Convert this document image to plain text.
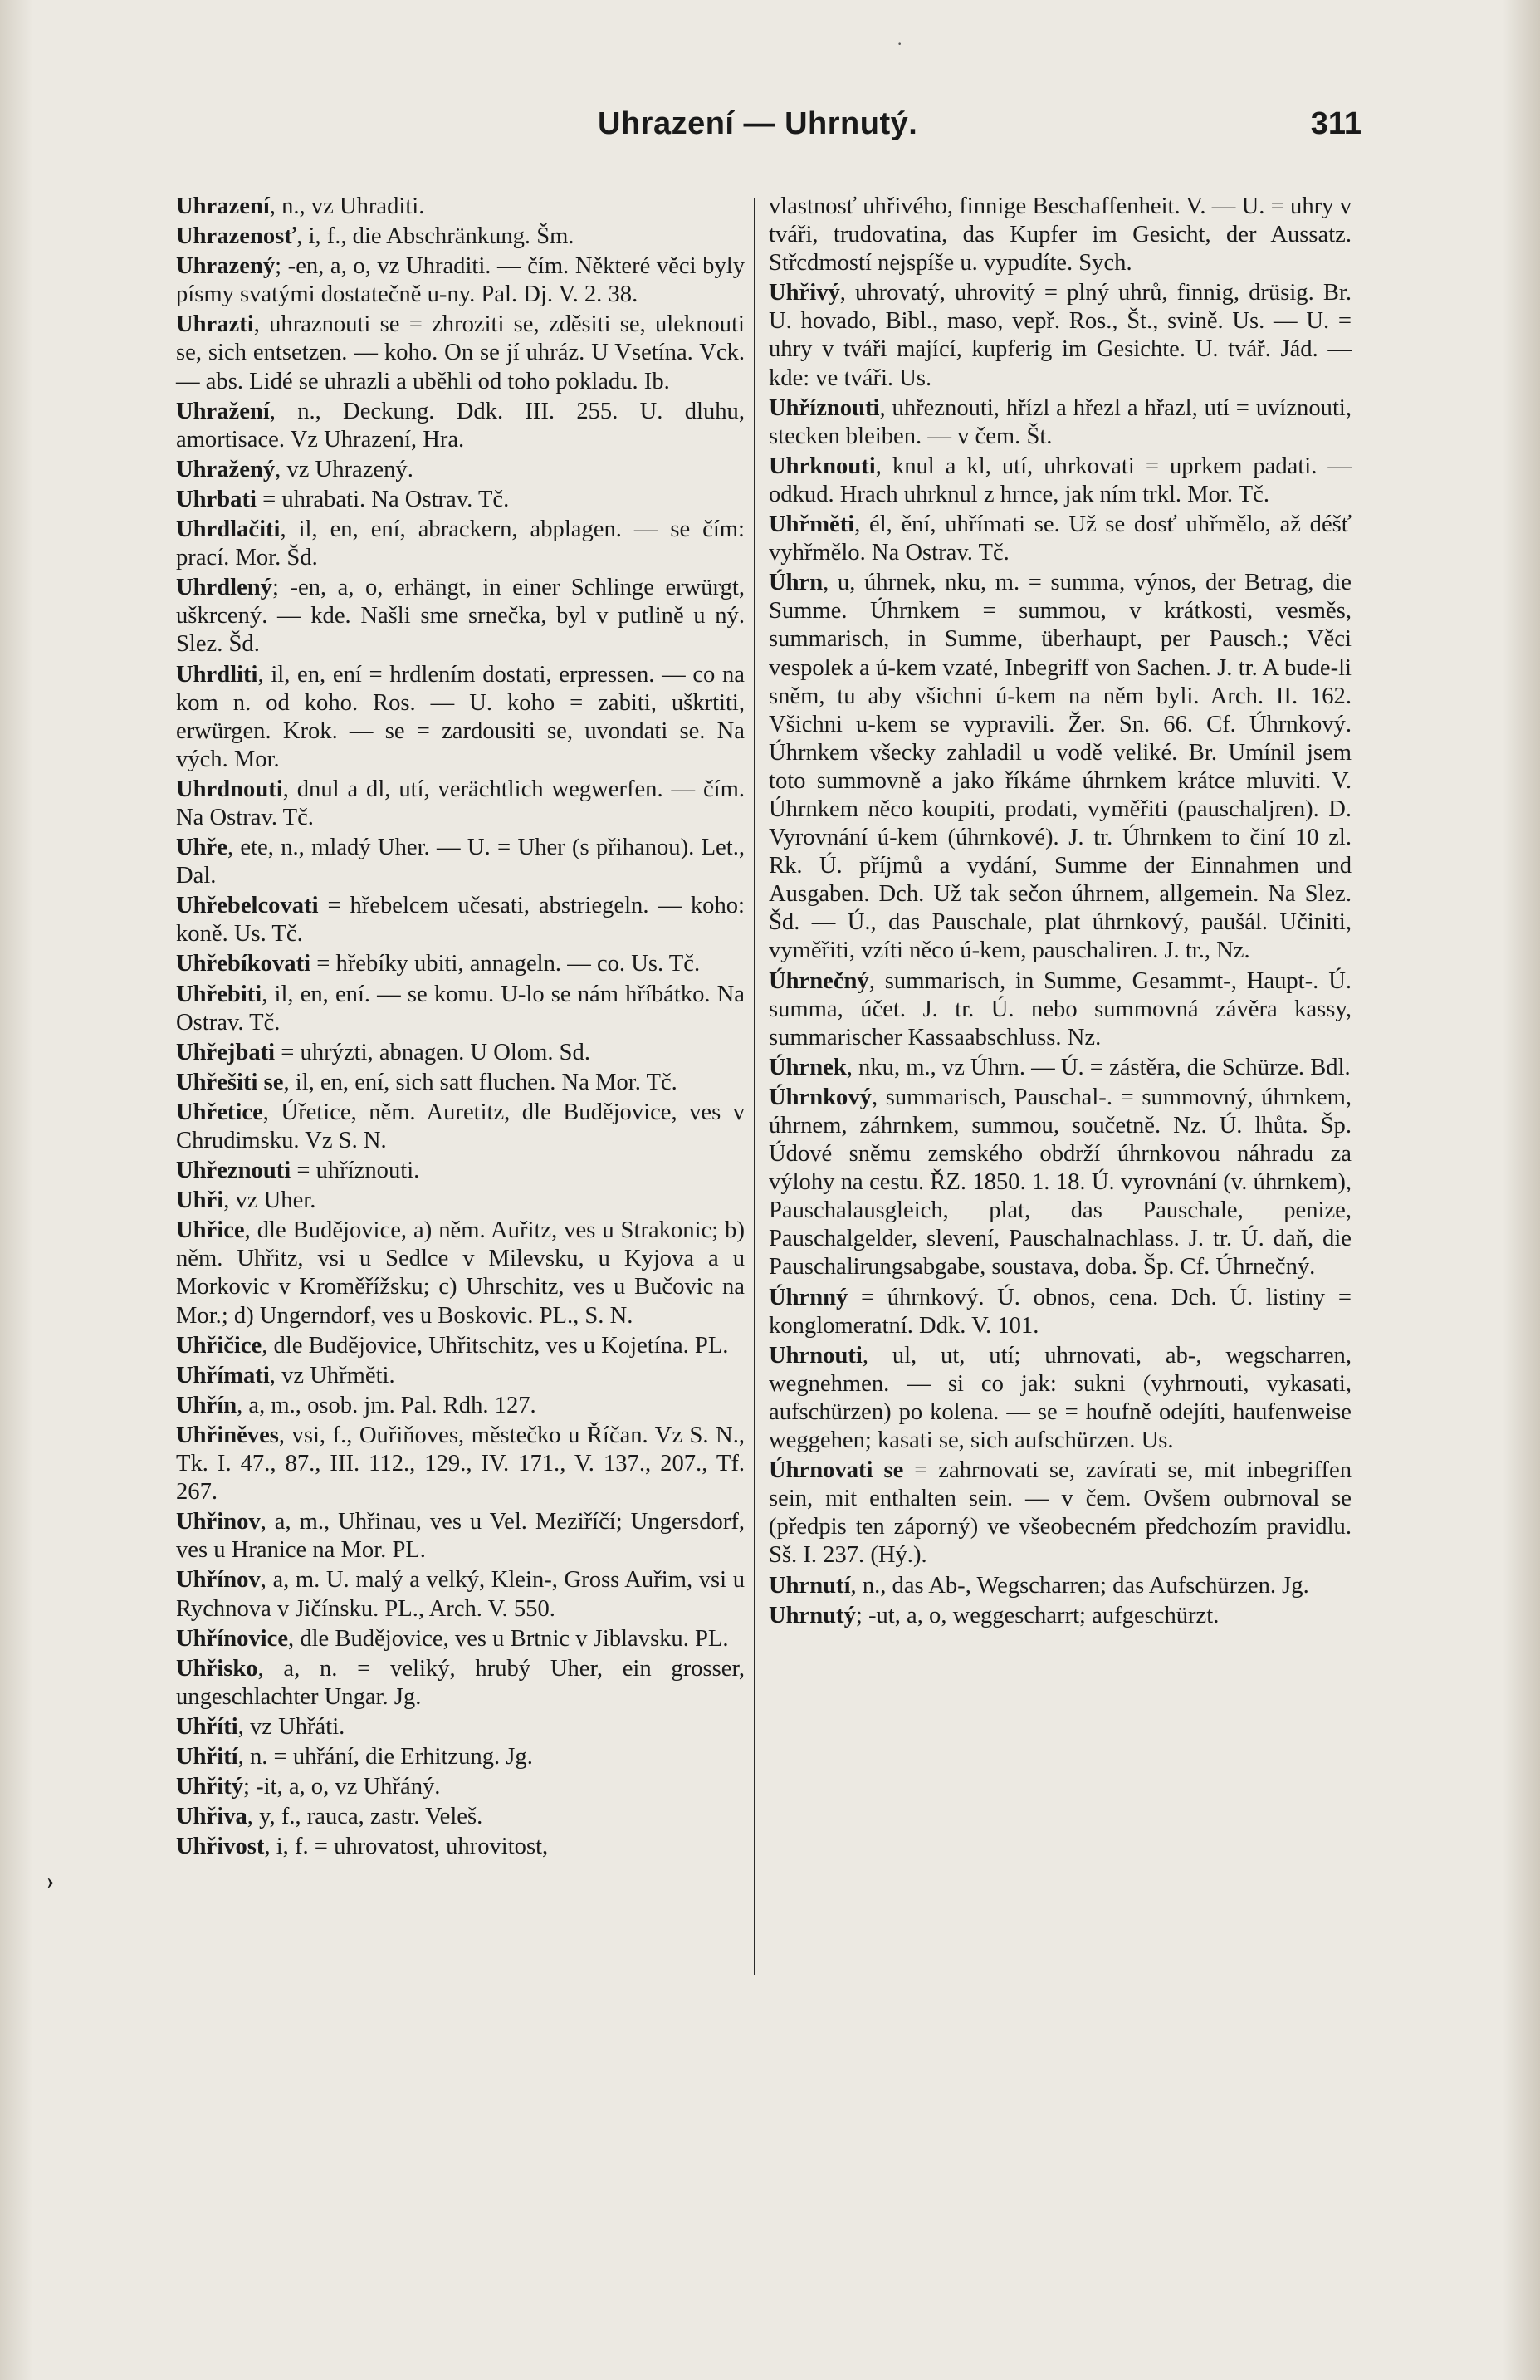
·
Uhrazení — Uhrnutý.	311
›
Uhrazení, n., vz Uhraditi.
Uhrazenosť, i, f., die Abschränkung. Šm.
Uhrazený; -en, a, o, vz Uhraditi. — čím. Některé věci byly písmy svatými dostatečně u-ny. Pal. Dj. V. 2. 38.
Uhrazti, uhraznouti se = zhroziti se, zděsiti se, uleknouti se, sich entsetzen. — koho. On se jí uhráz. U Vsetína. Vck. — abs. Lidé se uhrazli a uběhli od toho pokladu. Ib.
Uhražení, n., Deckung. Ddk. III. 255. U. dluhu, amortisace. Vz Uhrazení, Hra.
Uhražený, vz Uhrazený.
Uhrbati = uhrabati. Na Ostrav. Tč.
Uhrdlačiti, il, en, ení, abrackern, abplagen. — se čím: prací. Mor. Šd.
Uhrdlený; -en, a, o, erhängt, in einer Schlinge erwürgt, uškrcený. — kde. Našli sme srnečka, byl v putlině u ný. Slez. Šd.
Uhrdliti, il, en, ení = hrdlením dostati, erpressen. — co na kom n. od koho. Ros. — U. koho = zabiti, uškrtiti, erwürgen. Krok. — se = zardousiti se, uvondati se. Na vých. Mor.
Uhrdnouti, dnul a dl, utí, verächtlich wegwerfen. — čím. Na Ostrav. Tč.
Uhře, ete, n., mladý Uher. — U. = Uher (s přihanou). Let., Dal.
Uhřebelcovati = hřebelcem učesati, abstriegeln. — koho: koně. Us. Tč.
Uhřebíkovati = hřebíky ubiti, annageln. — co. Us. Tč.
Uhřebiti, il, en, ení. — se komu. U-lo se nám hříbátko. Na Ostrav. Tč.
Uhřejbati = uhrýzti, abnagen. U Olom. Sd.
Uhřešiti se, il, en, ení, sich satt fluchen. Na Mor. Tč.
Uhřetice, Úřetice, něm. Auretitz, dle Budějovice, ves v Chrudimsku. Vz S. N.
Uhřeznouti = uhříznouti.
Uhři, vz Uher.
Uhřice, dle Budějovice, a) něm. Auřitz, ves u Strakonic; b) něm. Uhřitz, vsi u Sedlce v Milevsku, u Kyjova a u Morkovic v Kroměřížsku; c) Uhrschitz, ves u Bučovic na Mor.; d) Ungerndorf, ves u Boskovic. PL., S. N.
Uhřičice, dle Budějovice, Uhřitschitz, ves u Kojetína. PL.
Uhřímati, vz Uhřměti.
Uhřín, a, m., osob. jm. Pal. Rdh. 127.
Uhřiněves, vsi, f., Ouřiňoves, městečko u Říčan. Vz S. N., Tk. I. 47., 87., III. 112., 129., IV. 171., V. 137., 207., Tf. 267.
Uhřinov, a, m., Uhřinau, ves u Vel. Meziříčí; Ungersdorf, ves u Hranice na Mor. PL.
Uhřínov, a, m. U. malý a velký, Klein-, Gross Auřim, vsi u Rychnova v Jičínsku. PL., Arch. V. 550.
Uhřínovice, dle Budějovice, ves u Brtnic v Jiblavsku. PL.
Uhřisko, a, n. = veliký, hrubý Uher, ein grosser, ungeschlachter Ungar. Jg.
Uhříti, vz Uhřáti.
Uhřití, n. = uhřání, die Erhitzung. Jg.
Uhřitý; -it, a, o, vz Uhřáný.
Uhřiva, y, f., rauca, zastr. Veleš.
Uhřivost, i, f. = uhrovatost, uhrovitost,
vlastnosť uhřivého, finnige Beschaffenheit. V. — U. = uhry v tváři, trudovatina, das Kupfer im Gesicht, der Aussatz. Střcdmostí nejspíše u. vypudíte. Sych.
Uhřivý, uhrovatý, uhrovitý = plný uhrů, finnig, drüsig. Br. U. hovado, Bibl., maso, vepř. Ros., Št., svině. Us. — U. = uhry v tváři mající, kupferig im Gesichte. U. tvář. Jád. — kde: ve tváři. Us.
Uhříznouti, uhřeznouti, hřízl a hřezl a hřazl, utí = uvíznouti, stecken bleiben. — v čem. Št.
Uhrknouti, knul a kl, utí, uhrkovati = uprkem padati. — odkud. Hrach uhrknul z hrnce, jak ním trkl. Mor. Tč.
Uhřměti, él, ění, uhřímati se. Už se dosť uhřmělo, až déšť vyhřmělo. Na Ostrav. Tč.
Úhrn, u, úhrnek, nku, m. = summa, výnos, der Betrag, die Summe. Úhrnkem = summou, v krátkosti, vesměs, summarisch, in Summe, überhaupt, per Pausch.; Věci vespolek a ú-kem vzaté, Inbegriff von Sachen. J. tr. A bude-li sněm, tu aby všichni ú-kem na něm byli. Arch. II. 162. Všichni u-kem se vypravili. Žer. Sn. 66. Cf. Úhrnkový. Úhrnkem všecky zahladil u vodě veliké. Br. Umínil jsem toto summovně a jako říkáme úhrnkem krátce mluviti. V. Úhrnkem něco koupiti, prodati, vyměřiti (pauschaljren). D. Vyrovnání ú-kem (úhrnkové). J. tr. Úhrnkem to činí 10 zl. Rk. Ú. příjmů a vydání, Summe der Einnahmen und Ausgaben. Dch. Už tak sečon úhrnem, allgemein. Na Slez. Šd. — Ú., das Pauschale, plat úhrnkový, paušál. Učiniti, vyměřiti, vzíti něco ú-kem, pauschaliren. J. tr., Nz.
Úhrnečný, summarisch, in Summe, Gesammt-, Haupt-. Ú. summa, účet. J. tr. Ú. nebo summovná závěra kassy, summarischer Kassaabschluss. Nz.
Úhrnek, nku, m., vz Úhrn. — Ú. = zástěra, die Schürze. Bdl.
Úhrnkový, summarisch, Pauschal-. = summovný, úhrnkem, úhrnem, záhrnkem, summou, součetně. Nz. Ú. lhůta. Šp. Údové sněmu zemského obdrží úhrnkovou náhradu za výlohy na cestu. ŘZ. 1850. 1. 18. Ú. vyrovnání (v. úhrnkem), Pauschalausgleich, plat, das Pauschale, penize, Pauschalgelder, slevení, Pauschalnachlass. J. tr. Ú. daň, die Pauschalirungsabgabe, soustava, doba. Šp. Cf. Úhrnečný.
Úhrnný = úhrnkový. Ú. obnos, cena. Dch. Ú. listiny = konglomeratní. Ddk. V. 101.
Uhrnouti, ul, ut, utí; uhrnovati, ab-, wegscharren, wegnehmen. — si co jak: sukni (vyhrnouti, vykasati, aufschürzen) po kolena. — se = houfně odejíti, haufenweise weggehen; kasati se, sich aufschürzen. Us.
Úhrnovati se = zahrnovati se, zavírati se, mit inbegriffen sein, mit enthalten sein. — v čem. Ovšem oubrnoval se (předpis ten záporný) ve všeobecném předchozím pravidlu. Sš. I. 237. (Hý.).
Uhrnutí, n., das Ab-, Wegscharren; das Aufschürzen. Jg.
Uhrnutý; -ut, a, o, weggescharrt; aufgeschürzt.
